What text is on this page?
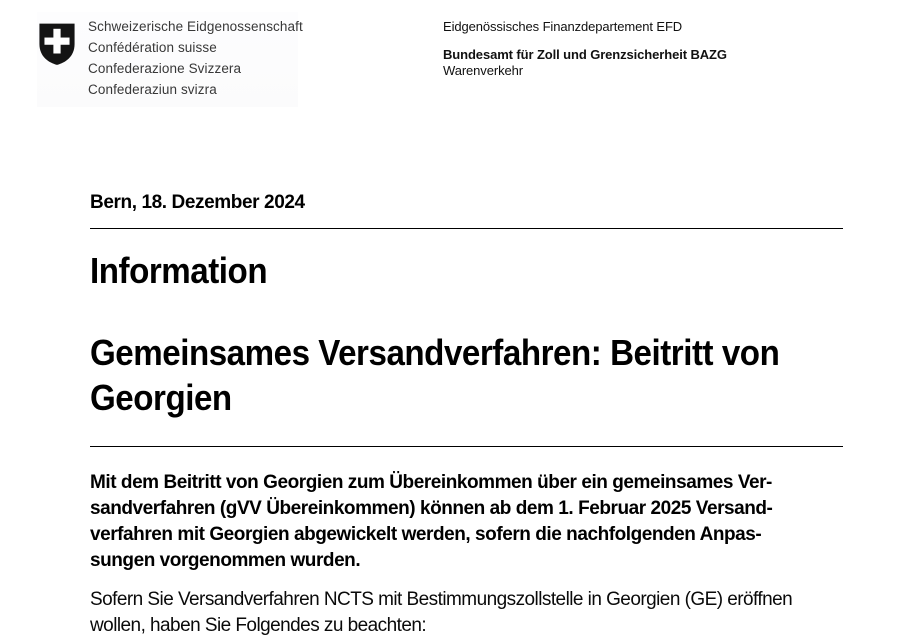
Schweizerische Eidgenossenschaft
Confédération suisse
Confederazione Svizzera
Confederaziun svizra
Eidgenössisches Finanzdepartement EFD
Bundesamt für Zoll und Grenzsicherheit BAZG
Warenverkehr
Bern, 18. Dezember 2024
Information
Gemeinsames Versandverfahren: Beitritt von
Georgien
Mit dem Beitritt von Georgien zum Übereinkommen über ein gemeinsames Ver-
sandverfahren (gVV Übereinkommen) können ab dem 1. Februar 2025 Versand-
verfahren mit Georgien abgewickelt werden, sofern die nachfolgenden Anpas-
sungen vorgenommen wurden.
Sofern Sie Versandverfahren NCTS mit Bestimmungszollstelle in Georgien (GE) eröffnen
wollen, haben Sie Folgendes zu beachten:
